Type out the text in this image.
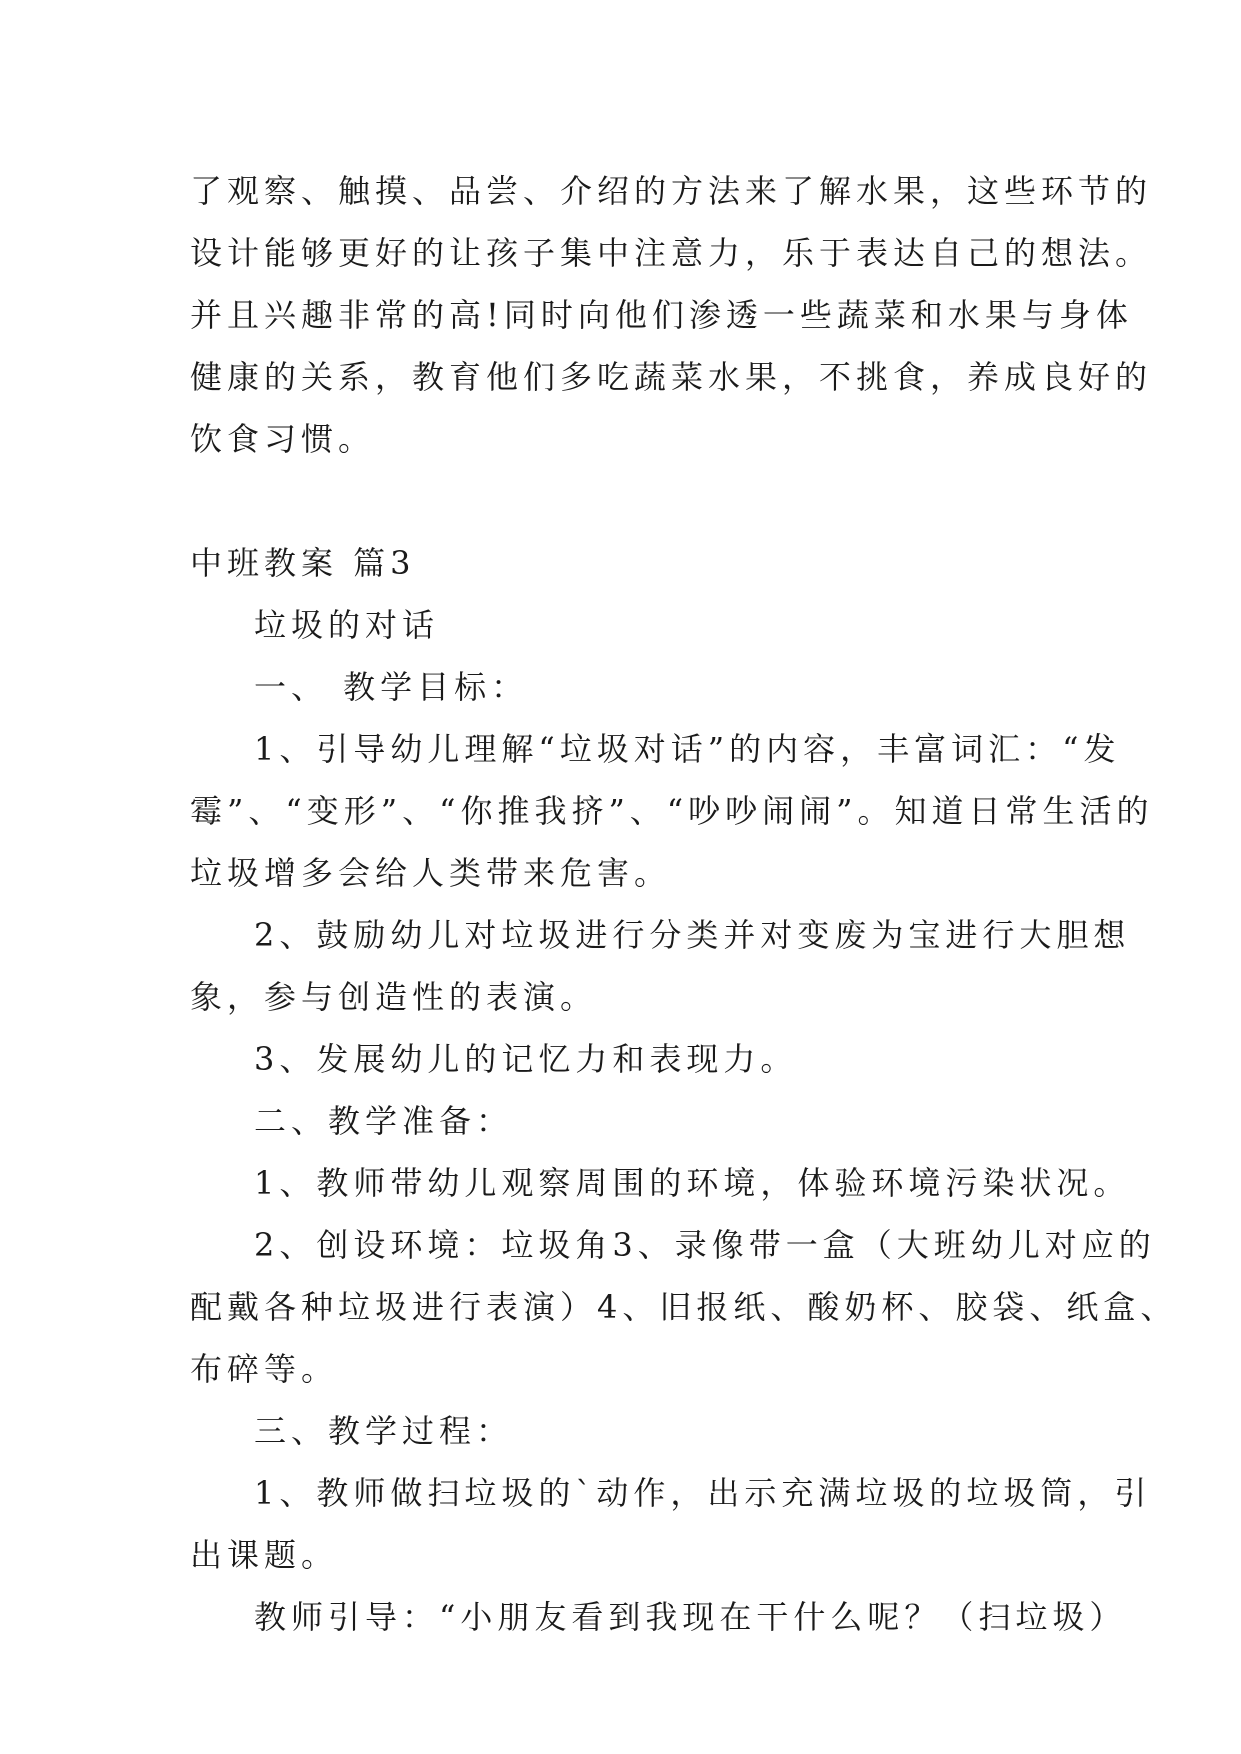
了观察、触摸、品尝、介绍的方法来了解水果，这些环节的
设计能够更好的让孩子集中注意力，乐于表达自己的想法。
并且兴趣非常的高!同时向他们渗透一些蔬菜和水果与身体
健康的关系，教育他们多吃蔬菜水果，不挑食，养成良好的
饮食习惯。
中班教案 篇3
垃圾的对话
一、 教学目标：
1、引导幼儿理解“垃圾对话”的内容，丰富词汇：“发
霉”、“变形”、“你推我挤”、“吵吵闹闹”。知道日常生活的
垃圾增多会给人类带来危害。
2、鼓励幼儿对垃圾进行分类并对变废为宝进行大胆想
象，参与创造性的表演。
3、发展幼儿的记忆力和表现力。
二、教学准备：
1、教师带幼儿观察周围的环境，体验环境污染状况。
2、创设环境：垃圾角3、录像带一盒（大班幼儿对应的
配戴各种垃圾进行表演）4、旧报纸、酸奶杯、胶袋、纸盒、
布碎等。
三、教学过程：
1、教师做扫垃圾的`动作，出示充满垃圾的垃圾筒，引
出课题。
教师引导：“小朋友看到我现在干什么呢？（扫垃圾）
